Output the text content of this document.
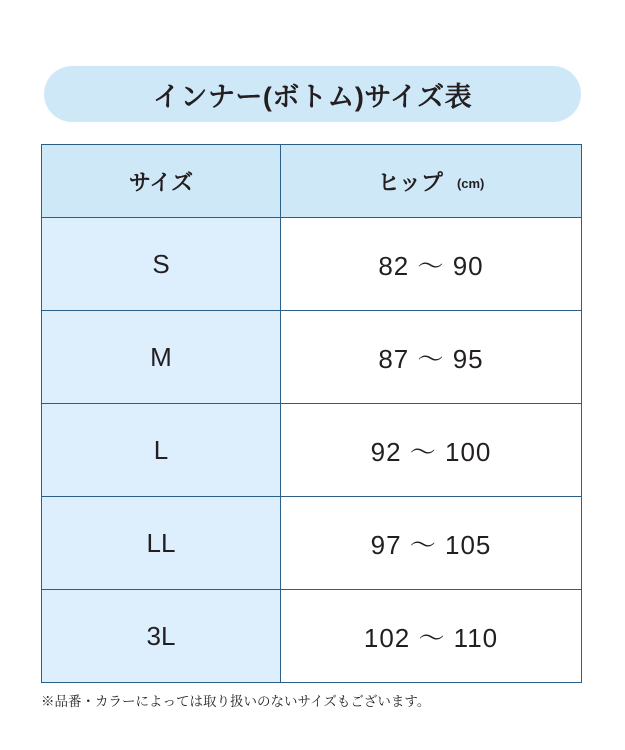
インナー(ボトム)サイズ表
サイズ	ヒップ (cm)
S	82 〜 90
M	87 〜 95
L	92 〜 100
LL	97 〜 105
3L	102 〜 110
※品番・カラーによっては取り扱いのないサイズもございます。
